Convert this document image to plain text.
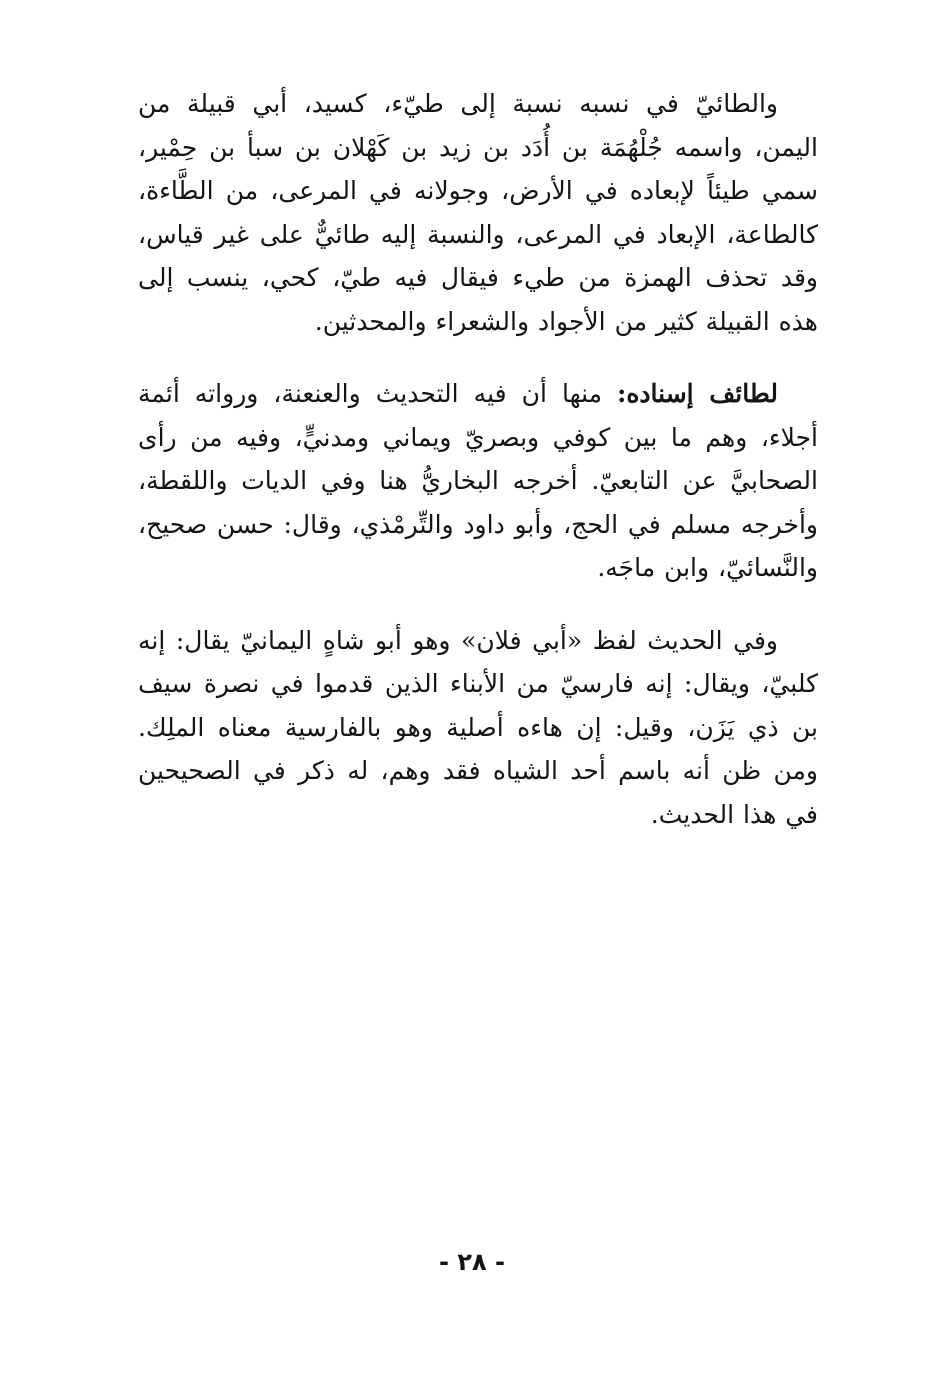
والطائيّ في نسبه نسبة إلى طيّء، كسيد، أبي قبيلة من اليمن، واسمه جُلْهُمَة بن أُدَد بن زيد بن كَهْلان بن سبأ بن حِمْير، سمي طيئاً لإبعاده في الأرض، وجولانه في المرعى، من الطَّاءة، كالطاعة، الإبعاد في المرعى، والنسبة إليه طائيٌّ على غير قياس، وقد تحذف الهمزة من طيء فيقال فيه طيّ، كحي، ينسب إلى هذه القبيلة كثير من الأجواد والشعراء والمحدثين.

لطائف إسناده: منها أن فيه التحديث والعنعنة، ورواته أئمة أجلاء، وهم ما بين كوفي وبصريّ ويماني ومدنيٍّ، وفيه من رأى الصحابيَّ عن التابعيّ. أخرجه البخاريُّ هنا وفي الديات واللقطة، وأخرجه مسلم في الحج، وأبو داود والتِّرمْذي، وقال: حسن صحيح، والنَّسائيّ، وابن ماجَه.

وفي الحديث لفظ «أبي فلان» وهو أبو شاهٍ اليمانيّ يقال: إنه كلبيّ، ويقال: إنه فارسيّ من الأبناء الذين قدموا في نصرة سيف بن ذي يَزَن، وقيل: إن هاءه أصلية وهو بالفارسية معناه الملِك. ومن ظن أنه باسم أحد الشياه فقد وهم، له ذكر في الصحيحين في هذا الحديث.

- ٢٨ -
